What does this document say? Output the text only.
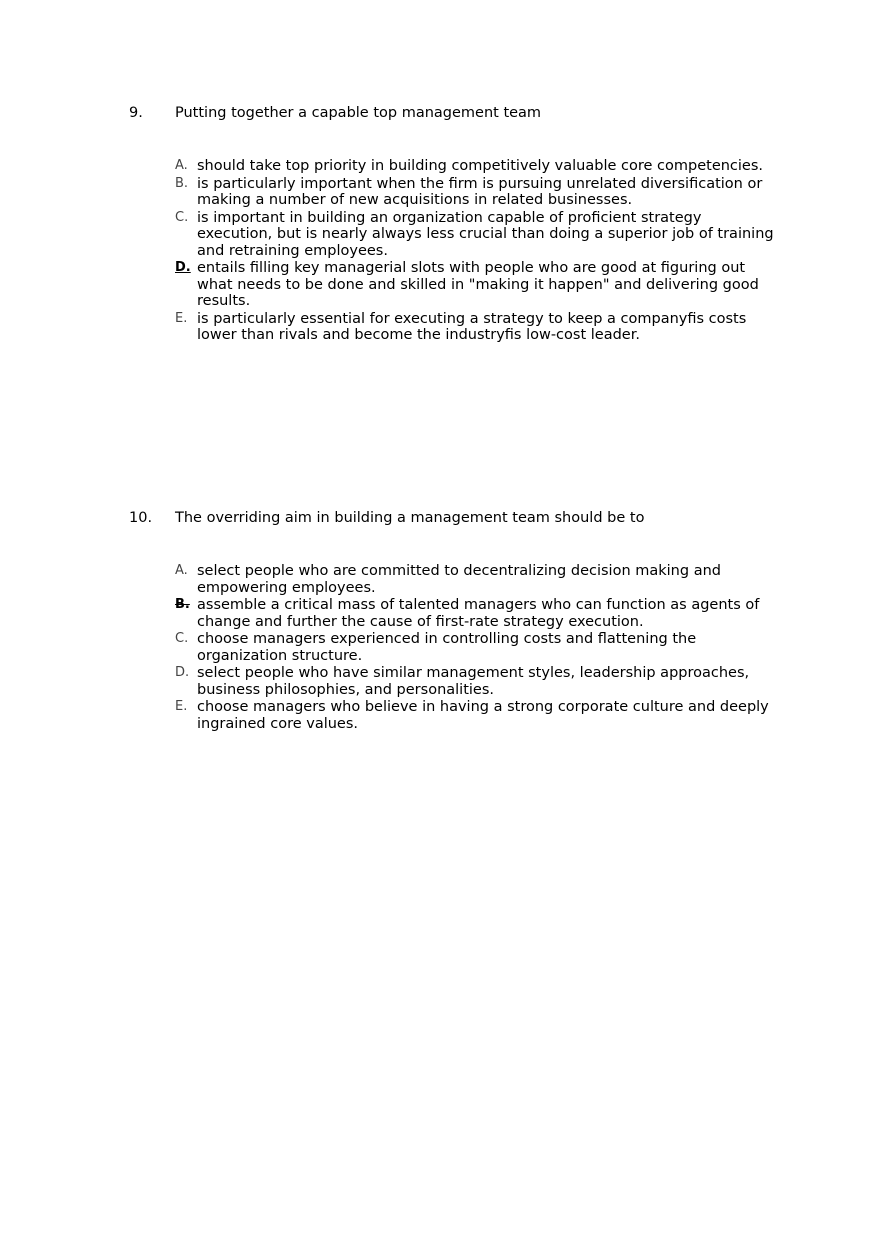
9. Putting together a capable top management team
A. should take top priority in building competitively valuable core competencies.
B. is particularly important when the firm is pursuing unrelated diversification or making a number of new acquisitions in related businesses.
C. is important in building an organization capable of proficient strategy execution, but is nearly always less crucial than doing a superior job of training and retraining employees.
D. entails filling key managerial slots with people who are good at figuring out what needs to be done and skilled in "making it happen" and delivering good results.
E. is particularly essential for executing a strategy to keep a companyfis costs lower than rivals and become the industryfis low-cost leader.
10. The overriding aim in building a management team should be to
A. select people who are committed to decentralizing decision making and empowering employees.
B. assemble a critical mass of talented managers who can function as agents of change and further the cause of first-rate strategy execution.
C. choose managers experienced in controlling costs and flattening the organization structure.
D. select people who have similar management styles, leadership approaches, business philosophies, and personalities.
E. choose managers who believe in having a strong corporate culture and deeply ingrained core values.
